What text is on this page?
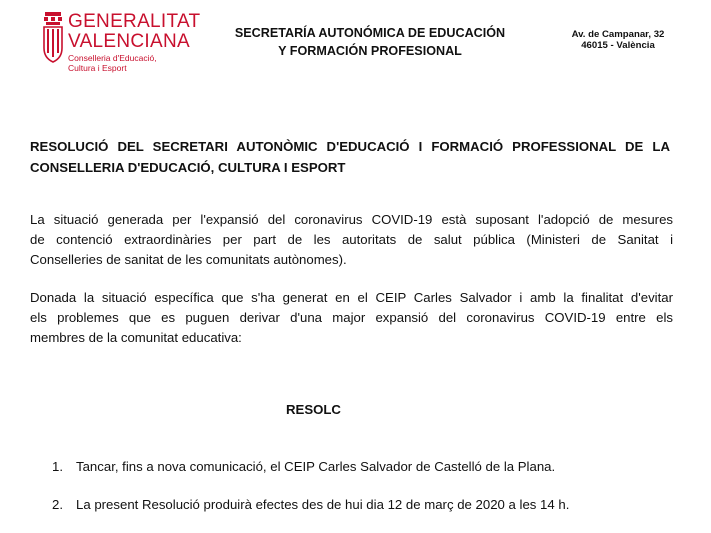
GENERALITAT
VALENCIANA
Conselleria d'Educació,
Cultura i Esport
SECRETARÍA AUTONÓMICA DE EDUCACIÓN
Y FORMACIÓN PROFESIONAL
Av. de Campanar, 32
46015 - València
RESOLUCIÓ DEL SECRETARI AUTONÒMIC D'EDUCACIÓ I FORMACIÓ PROFESSIONAL DE LA CONSELLERIA D'EDUCACIÓ, CULTURA I ESPORT
La situació generada per l'expansió del coronavirus COVID-19 està suposant l'adopció de mesures
de contenció extraordinàries per part de les autoritats de salut pública (Ministeri de Sanitat i
Conselleries de sanitat de les comunitats autònomes).
Donada la situació específica que s'ha generat en el CEIP Carles Salvador i amb la finalitat d'evitar
els problemes que es puguen derivar d'una major expansió del coronavirus COVID-19 entre els
membres de la comunitat educativa:
RESOLC
1. Tancar, fins a nova comunicació, el CEIP Carles Salvador de Castelló de la Plana.
2. La present Resolució produirà efectes des de hui dia 12 de març de 2020 a les 14 h.
